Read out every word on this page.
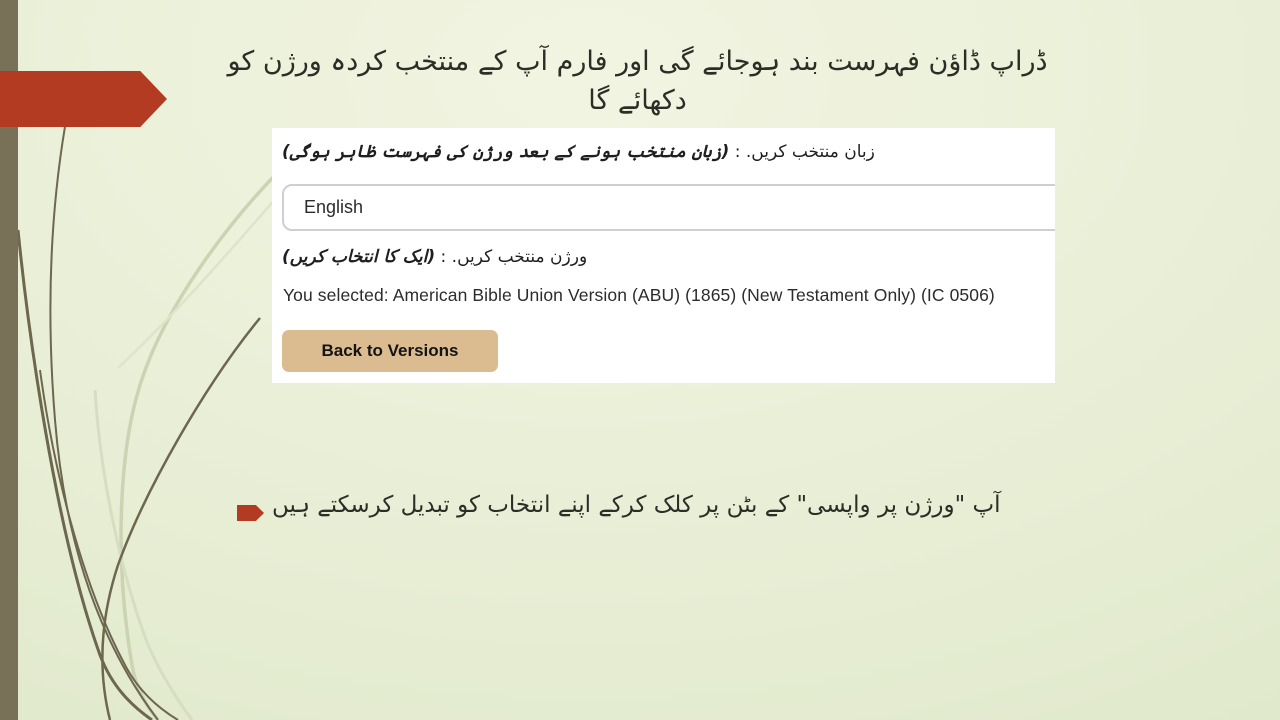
ڈراپ ڈاؤن فہرست بند ہوجائے گی اور فارم آپ کے منتخب کردہ ورژن کو دکھائے گا
زبان منتخب کریں. : (زبان منتخب ہونے کے بعد ورژن کی فہرست ظاہر ہوگی)
English
ورژن منتخب کریں. : (ایک کا انتخاب کریں)
You selected: American Bible Union Version (ABU) (1865) (New Testament Only) (IC 0506)
Back to Versions
آپ "ورژن پر واپسی" کے بٹن پر کلک کرکے اپنے انتخاب کو تبدیل کرسکتے ہیں
